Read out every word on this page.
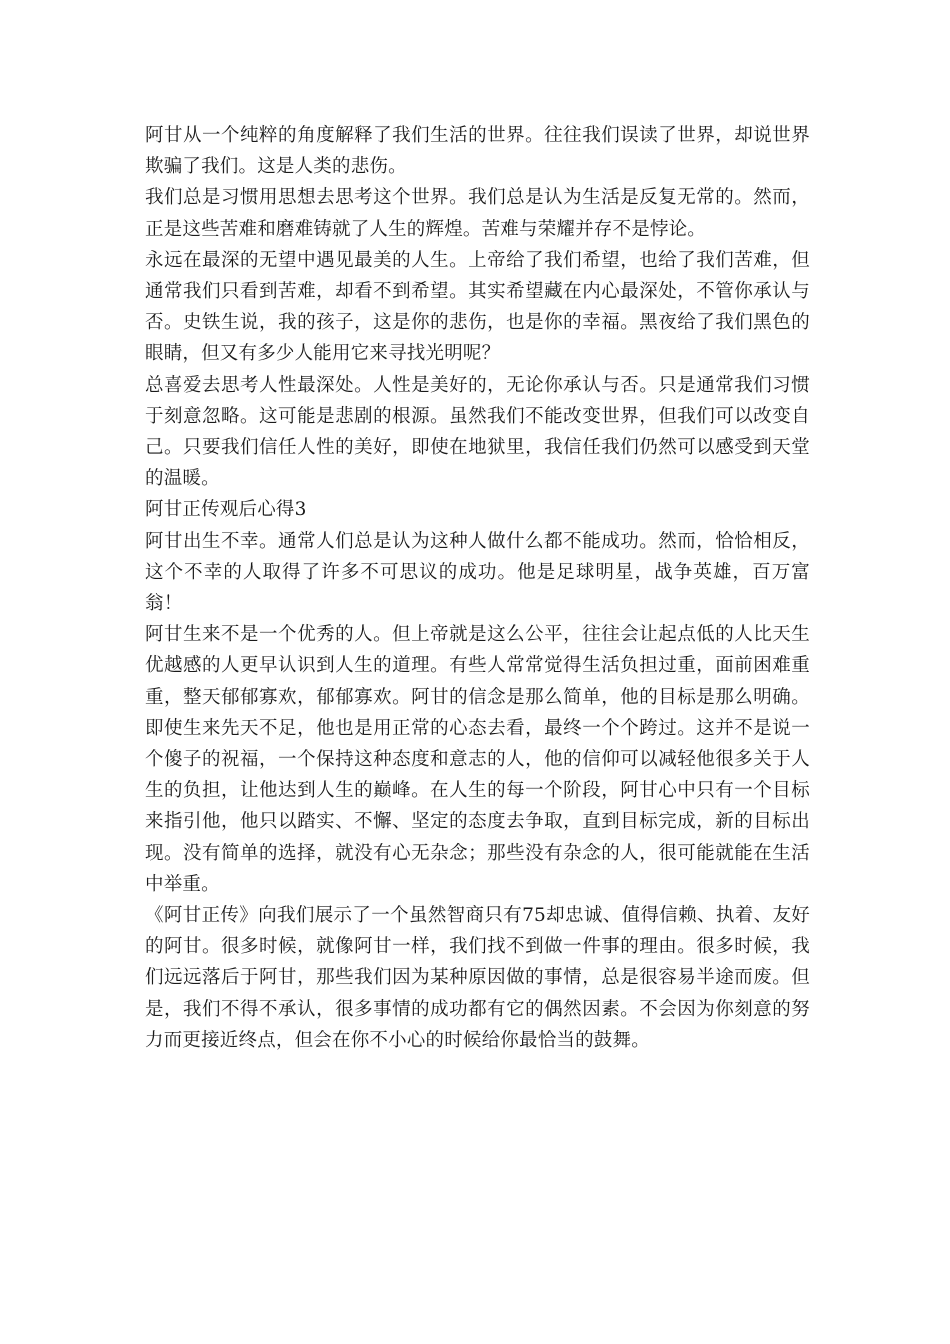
阿甘从一个纯粹的角度解释了我们生活的世界。往往我们误读了世界，却说世界欺骗了我们。这是人类的悲伤。

我们总是习惯用思想去思考这个世界。我们总是认为生活是反复无常的。然而，正是这些苦难和磨难铸就了人生的辉煌。苦难与荣耀并存不是悖论。

永远在最深的无望中遇见最美的人生。上帝给了我们希望，也给了我们苦难，但通常我们只看到苦难，却看不到希望。其实希望藏在内心最深处，不管你承认与否。史铁生说，我的孩子，这是你的悲伤，也是你的幸福。黑夜给了我们黑色的眼睛，但又有多少人能用它来寻找光明呢？

总喜爱去思考人性最深处。人性是美好的，无论你承认与否。只是通常我们习惯于刻意忽略。这可能是悲剧的根源。虽然我们不能改变世界，但我们可以改变自己。只要我们信任人性的美好，即使在地狱里，我信任我们仍然可以感受到天堂的温暖。

阿甘正传观后心得3

阿甘出生不幸。通常人们总是认为这种人做什么都不能成功。然而，恰恰相反，这个不幸的人取得了许多不可思议的成功。他是足球明星，战争英雄，百万富翁！

阿甘生来不是一个优秀的人。但上帝就是这么公平，往往会让起点低的人比天生优越感的人更早认识到人生的道理。有些人常常觉得生活负担过重，面前困难重重，整天郁郁寡欢，郁郁寡欢。阿甘的信念是那么简单，他的目标是那么明确。即使生来先天不足，他也是用正常的心态去看，最终一个个跨过。这并不是说一个傻子的祝福，一个保持这种态度和意志的人，他的信仰可以减轻他很多关于人生的负担，让他达到人生的巅峰。在人生的每一个阶段，阿甘心中只有一个目标来指引他，他只以踏实、不懈、坚定的态度去争取，直到目标完成，新的目标出现。没有简单的选择，就没有心无杂念；那些没有杂念的人，很可能就能在生活中举重。

《阿甘正传》向我们展示了一个虽然智商只有75却忠诚、值得信赖、执着、友好的阿甘。很多时候，就像阿甘一样，我们找不到做一件事的理由。很多时候，我们远远落后于阿甘，那些我们因为某种原因做的事情，总是很容易半途而废。但是，我们不得不承认，很多事情的成功都有它的偶然因素。不会因为你刻意的努力而更接近终点，但会在你不小心的时候给你最恰当的鼓舞。
